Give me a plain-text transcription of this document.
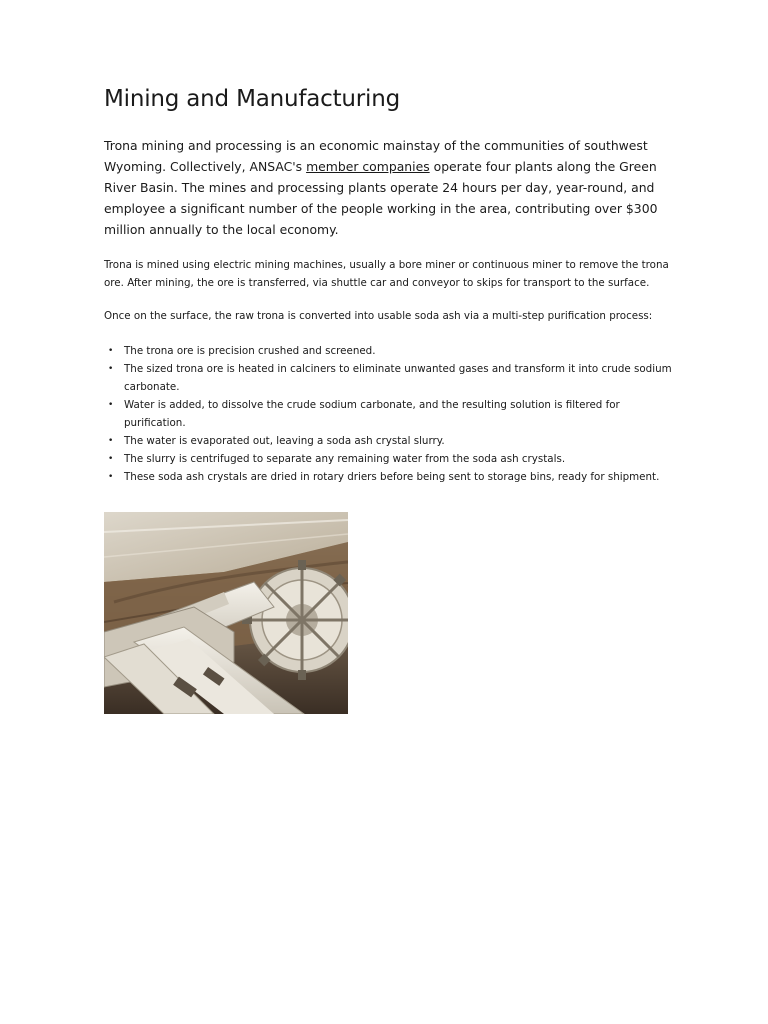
Mining and Manufacturing

Trona mining and processing is an economic mainstay of the communities of southwest Wyoming. Collectively, ANSAC's member companies operate four plants along the Green River Basin. The mines and processing plants operate 24 hours per day, year-round, and employee a significant number of the people working in the area, contributing over $300 million annually to the local economy.

Trona is mined using electric mining machines, usually a bore miner or continuous miner to remove the trona ore. After mining, the ore is transferred, via shuttle car and conveyor to skips for transport to the surface.

Once on the surface, the raw trona is converted into usable soda ash via a multi-step purification process:

• The trona ore is precision crushed and screened.
• The sized trona ore is heated in calciners to eliminate unwanted gases and transform it into crude sodium carbonate.
• Water is added, to dissolve the crude sodium carbonate, and the resulting solution is filtered for purification.
• The water is evaporated out, leaving a soda ash crystal slurry.
• The slurry is centrifuged to separate any remaining water from the soda ash crystals.
• These soda ash crystals are dried in rotary driers before being sent to storage bins, ready for shipment.
